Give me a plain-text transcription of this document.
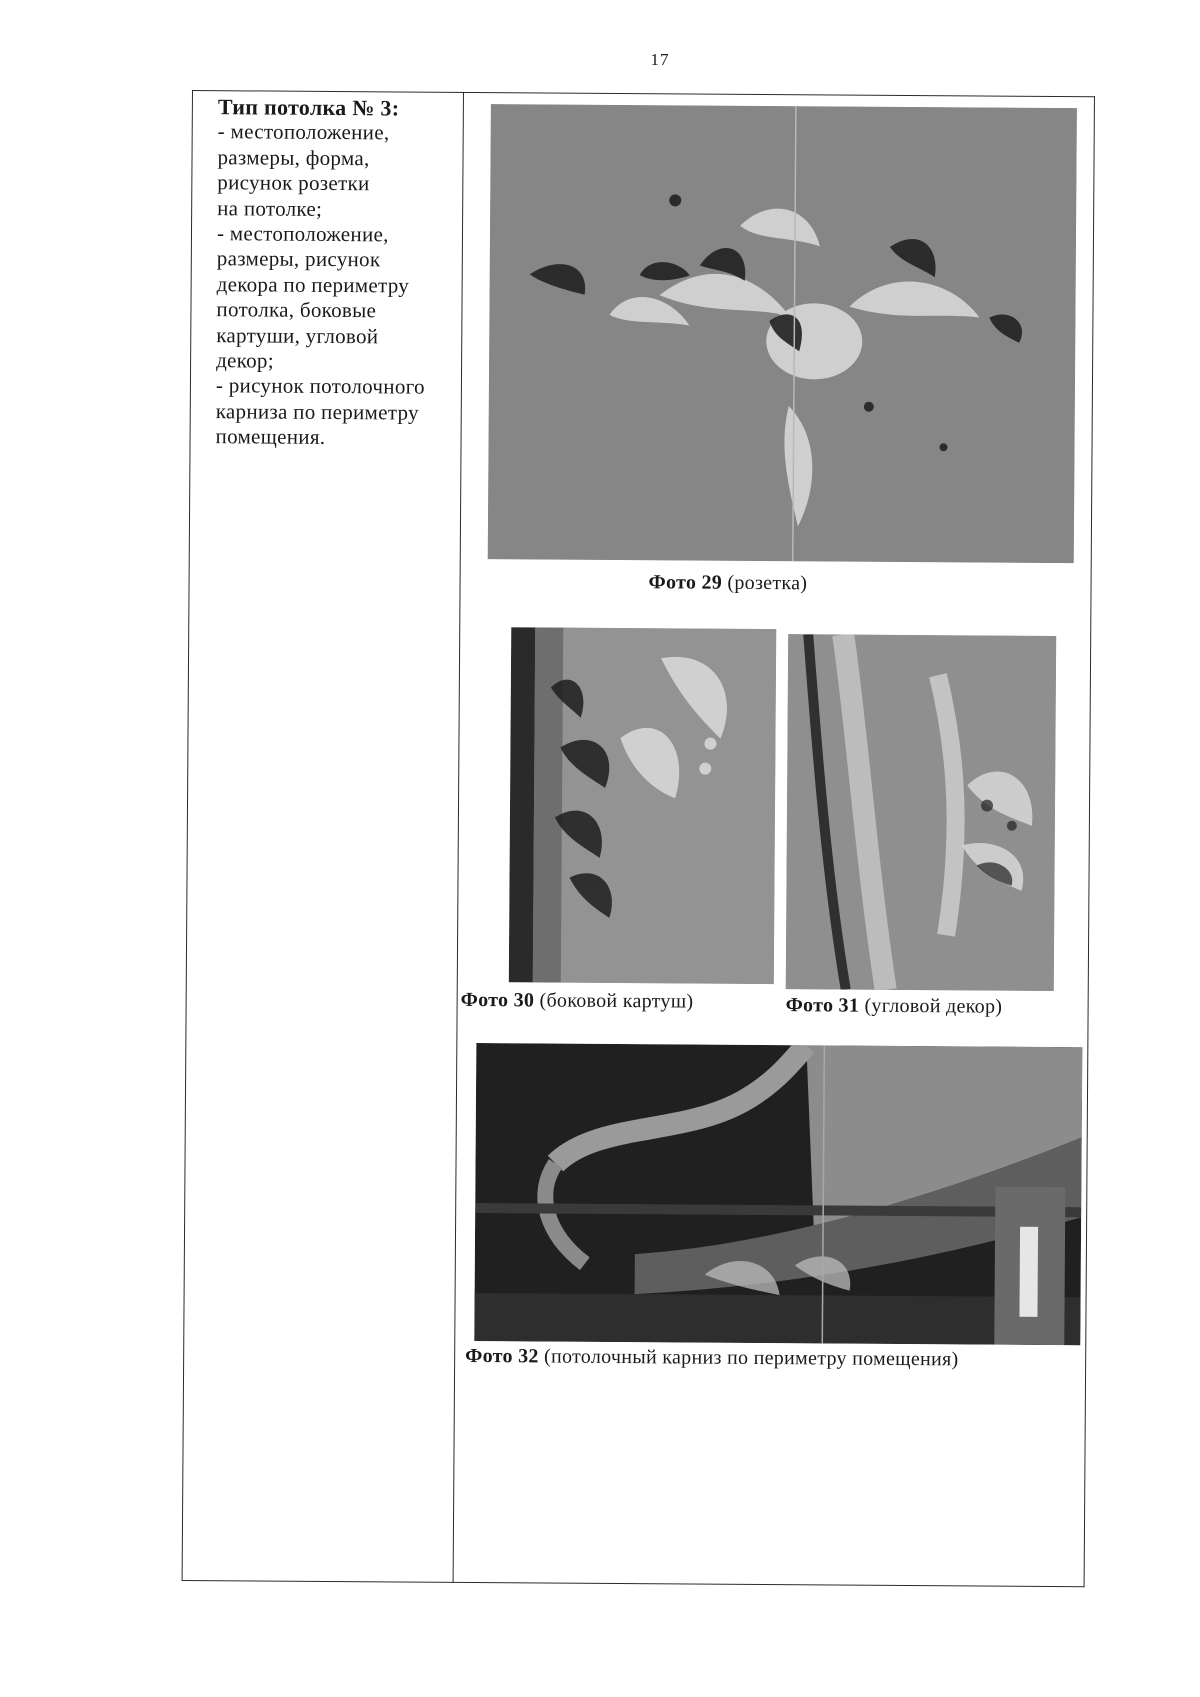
17
Тип потолка № 3:
- местоположение,
размеры, форма,
рисунок розетки
на потолке;
- местоположение,
размеры, рисунок
декора по периметру
потолка, боковые
картуши, угловой
декор;
- рисунок потолочного
карниза по периметру
помещения.
Фото 29 (розетка)
Фото 30 (боковой картуш)	Фото 31 (угловой декор)
Фото 32 (потолочный карниз по периметру помещения)
